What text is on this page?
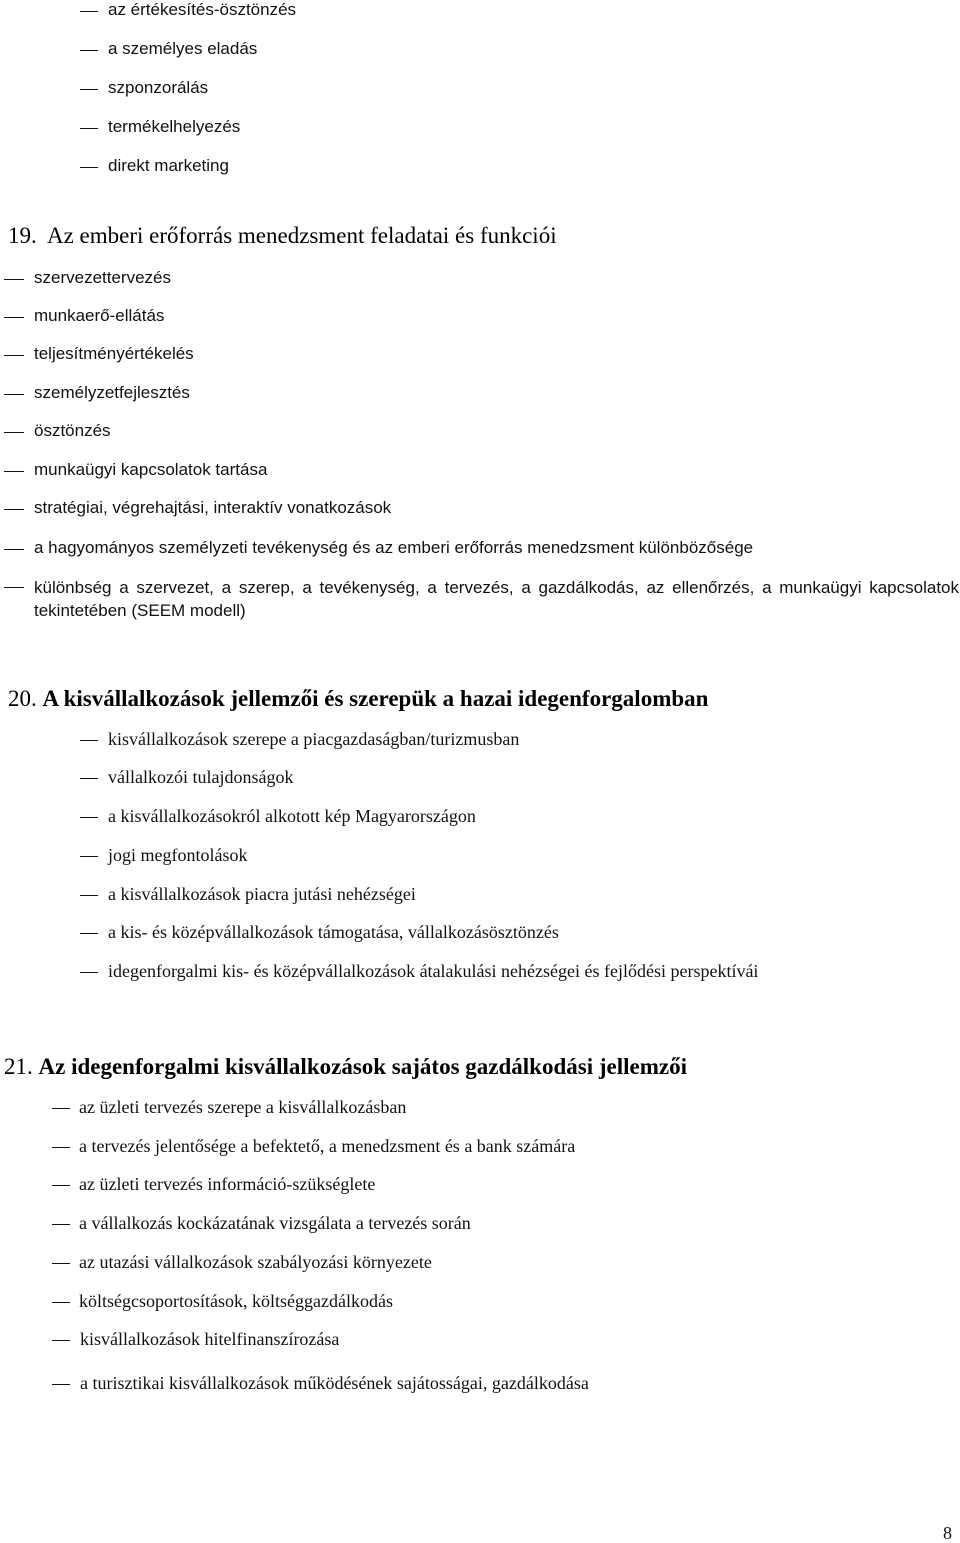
az értékesítés-ösztönzés
a személyes eladás
szponzorálás
termékelhelyezés
direkt marketing
19. Az emberi erőforrás menedzsment feladatai és funkciói
szervezettervezés
munkaerő-ellátás
teljesítményértékelés
személyzetfejlesztés
ösztönzés
munkaügyi kapcsolatok tartása
stratégiai, végrehajtási, interaktív vonatkozások
a hagyományos személyzeti tevékenység és az emberi erőforrás menedzsment különbözősége
különbség a szervezet, a szerep, a tevékenység, a tervezés, a gazdálkodás, az ellenőrzés, a munkaügyi kapcsolatok tekintetében (SEEM modell)
20. A kisvállalkozások jellemzői és szerepük a hazai idegenforgalomban
kisvállalkozások szerepe a piacgazdaságban/turizmusban
vállalkozói tulajdonságok
a kisvállalkozásokról alkotott kép Magyarországon
jogi megfontolások
a kisvállalkozások piacra jutási nehézségei
a kis- és középvállalkozások támogatása, vállalkozásösztönzés
idegenforgalmi kis- és középvállalkozások átalakulási nehézségei és fejlődési perspektívái
21. Az idegenforgalmi kisvállalkozások sajátos gazdálkodási jellemzői
az üzleti tervezés szerepe a kisvállalkozásban
a tervezés jelentősége a befektető, a menedzsment és a bank számára
az üzleti tervezés információ-szükséglete
a vállalkozás kockázatának vizsgálata a tervezés során
az utazási vállalkozások szabályozási környezete
költségcsoportosítások, költséggazdálkodás
kisvállalkozások hitelfinanszírozása
a turisztikai kisvállalkozások működésének sajátosságai, gazdálkodása
8
